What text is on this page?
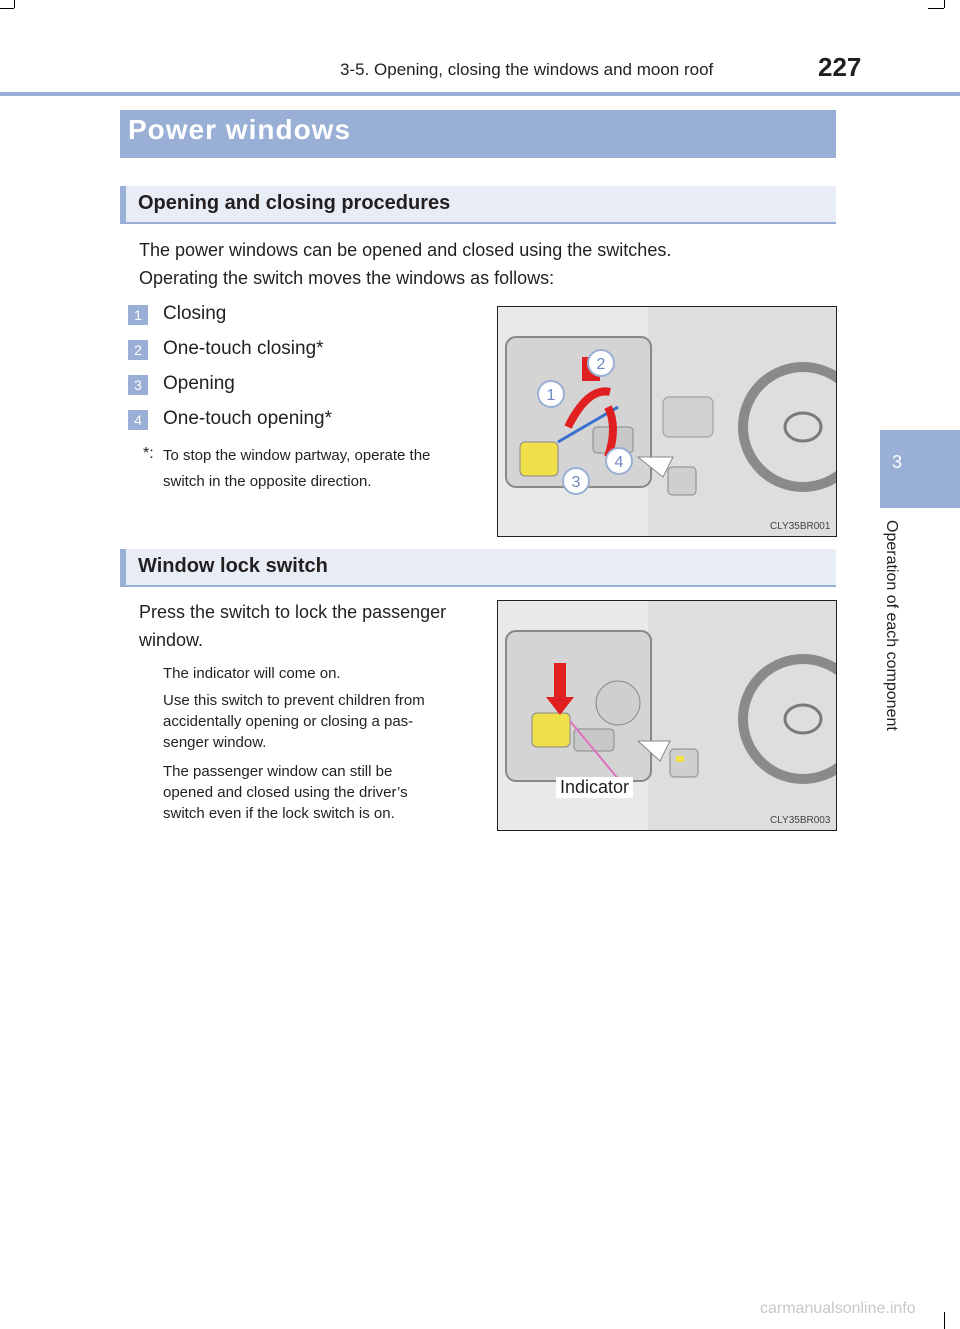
3-5. Opening, closing the windows and moon roof	227
3
Operation of each component
Power windows
Opening and closing procedures
The power windows can be opened and closed using the switches.
Operating the switch moves the windows as follows:
1	Closing
2	One-touch closing*
3	Opening
4	One-touch opening*
*: To stop the window partway, operate the
switch in the opposite direction.
1
2
3
4
CLY35BR001
Window lock switch
Press the switch to lock the passenger
window.
The indicator will come on.
Use this switch to prevent children from
accidentally opening or closing a pas-
senger window.
The passenger window can still be
opened and closed using the driver’s
switch even if the lock switch is on.
Indicator
CLY35BR003
carmanualsonline.info
